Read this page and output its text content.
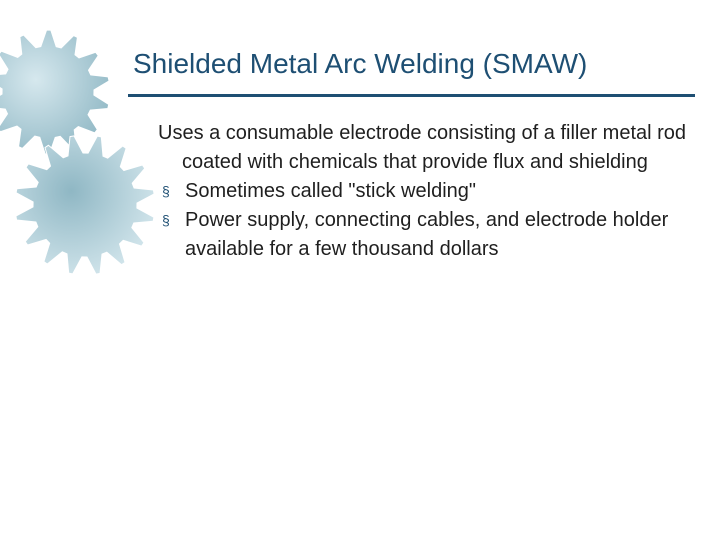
Shielded Metal Arc Welding (SMAW)

Uses a consumable electrode consisting of a filler metal rod coated with chemicals that provide flux and shielding

§ Sometimes called "stick welding"
§ Power supply, connecting cables, and electrode holder available for a few thousand dollars
